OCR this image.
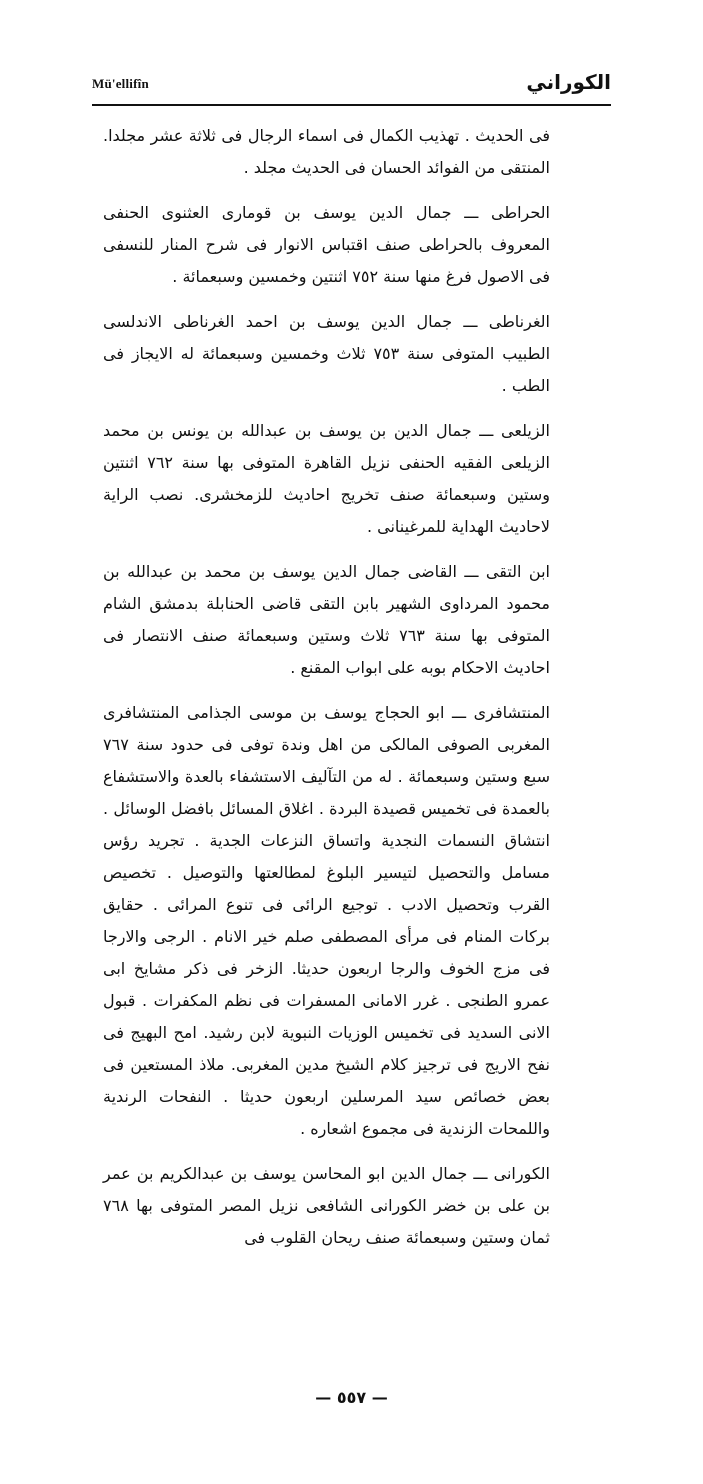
Mü'ellifîn	الكوراني

فى الحديث . تهذيب الكمال فى اسماء الرجال فى ثلاثة عشر مجلدا. المنتقى من الفوائد الحسان فى الحديث مجلد .

الحراطى ـــ جمال الدين يوسف بن قومارى العثنوى الحنفى المعروف بالحراطى صنف اقتباس الانوار فى شرح المنار للنسفى فى الاصول فرغ منها سنة ٧٥٢ اثنتين وخمسين وسبعمائة .

الغرناطى ـــ جمال الدين يوسف بن احمد الغرناطى الاندلسى الطبيب المتوفى سنة ٧٥٣ ثلاث وخمسين وسبعمائة له الايجاز فى الطب .

الزيلعى ـــ جمال الدين بن يوسف بن عبدالله بن يونس بن محمد الزيلعى الفقيه الحنفى نزيل القاهرة المتوفى بها سنة ٧٦٢ اثنتين وستين وسبعمائة صنف تخريج احاديث للزمخشرى. نصب الراية لاحاديث الهداية للمرغينانى .

ابن التقى ـــ القاضى جمال الدين يوسف بن محمد بن عبدالله بن محمود المرداوى الشهير بابن التقى قاضى الحنابلة بدمشق الشام المتوفى بها سنة ٧٦٣ ثلاث وستين وسبعمائة صنف الانتصار فى احاديث الاحكام بوبه على ابواب المقنع .

المنتشافرى ـــ ابو الحجاج يوسف بن موسى الجذامى المنتشافرى المغربى الصوفى المالكى من اهل وندة توفى فى حدود سنة ٧٦٧ سبع وستين وسبعمائة . له من التآليف الاستشفاء بالعدة والاستشفاع بالعمدة فى تخميس قصيدة البردة . اغلاق المسائل بافضل الوسائل . انتشاق النسمات النجدية واتساق النزعات الجدية . تجريد رؤس مسامل والتحصيل لتيسير البلوغ لمطالعتها والتوصيل . تخصيص القرب وتحصيل الادب . توجيع الرائى فى تنوع المرائى . حقايق بركات المنام فى مرأى المصطفى صلم خير الانام . الرجى والارجا فى مزج الخوف والرجا اربعون حديثا. الزخر فى ذكر مشايخ ابى عمرو الطنجى . غرر الامانى المسفرات فى نظم المكفرات . قبول الانى السديد فى تخميس الوزيات النبوية لابن رشيد. امح البهيج فى نفح الاريج فى ترجيز كلام الشيخ مدين المغربى. ملاذ المستعين فى بعض خصائص سيد المرسلين اربعون حديثا . النفحات الرندية واللمحات الزندية فى مجموع اشعاره .

الكورانى ـــ جمال الدين ابو المحاسن يوسف بن عبدالكريم بن عمر بن على بن خضر الكورانى الشافعى نزيل المصر المتوفى بها ٧٦٨ ثمان وستين وسبعمائة صنف ريحان القلوب فى

— ٥٥٧ —
